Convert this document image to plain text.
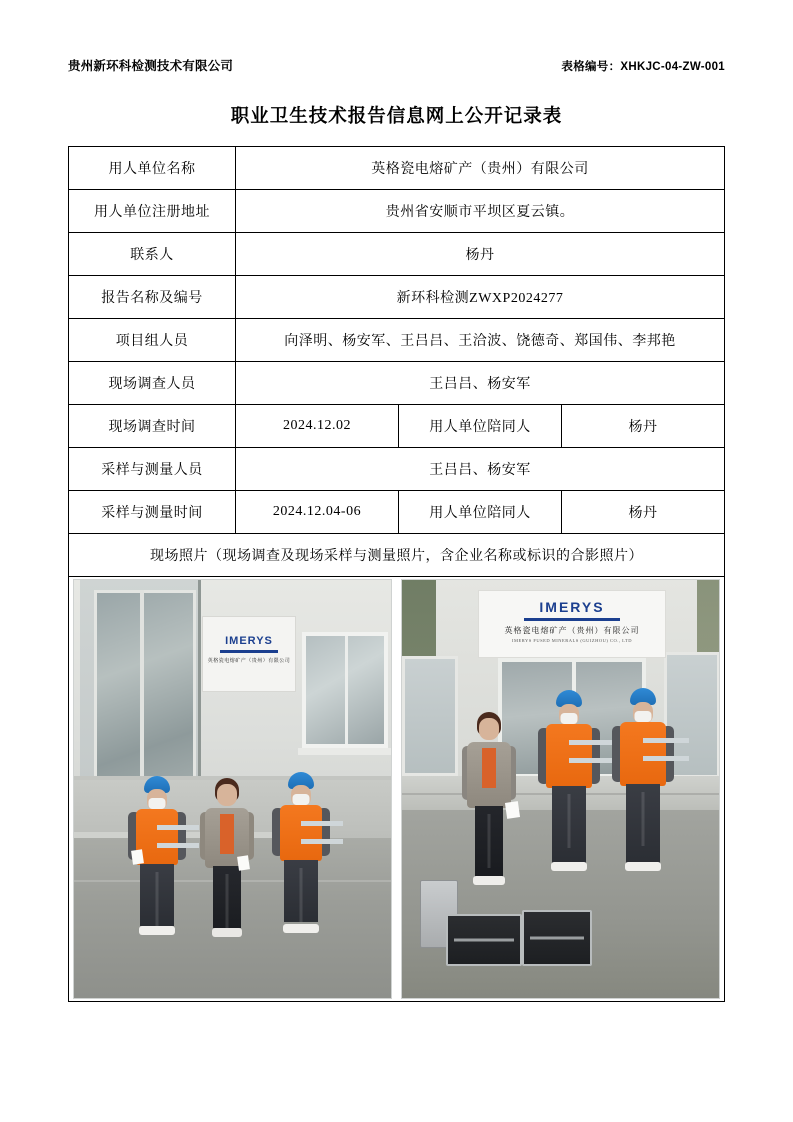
贵州新环科检测技术有限公司	表格编号：XHKJC-04-ZW-001
职业卫生技术报告信息网上公开记录表
用人单位名称	英格瓷电熔矿产（贵州）有限公司		
用人单位注册地址	贵州省安顺市平坝区夏云镇。		
联系人	杨丹		
报告名称及编号	新环科检测ZWXP2024277		
项目组人员	向泽明、杨安军、王吕吕、王洽波、饶德奇、郑国伟、李邦艳		
现场调查人员	王吕吕、杨安军		
现场调查时间	2024.12.02	用人单位陪同人	杨丹
采样与测量人员	王吕吕、杨安军		
采样与测量时间	2024.12.04-06	用人单位陪同人	杨丹
现场照片（现场调查及现场采样与测量照片，含企业名称或标识的合影照片）			

IMERYS
英格瓷电熔矿产（贵州）有限公司
IMERYS
英格瓷电熔矿产（贵州）有限公司
IMERYS FUSED MINERALS (GUIZHOU) CO., LTD			
